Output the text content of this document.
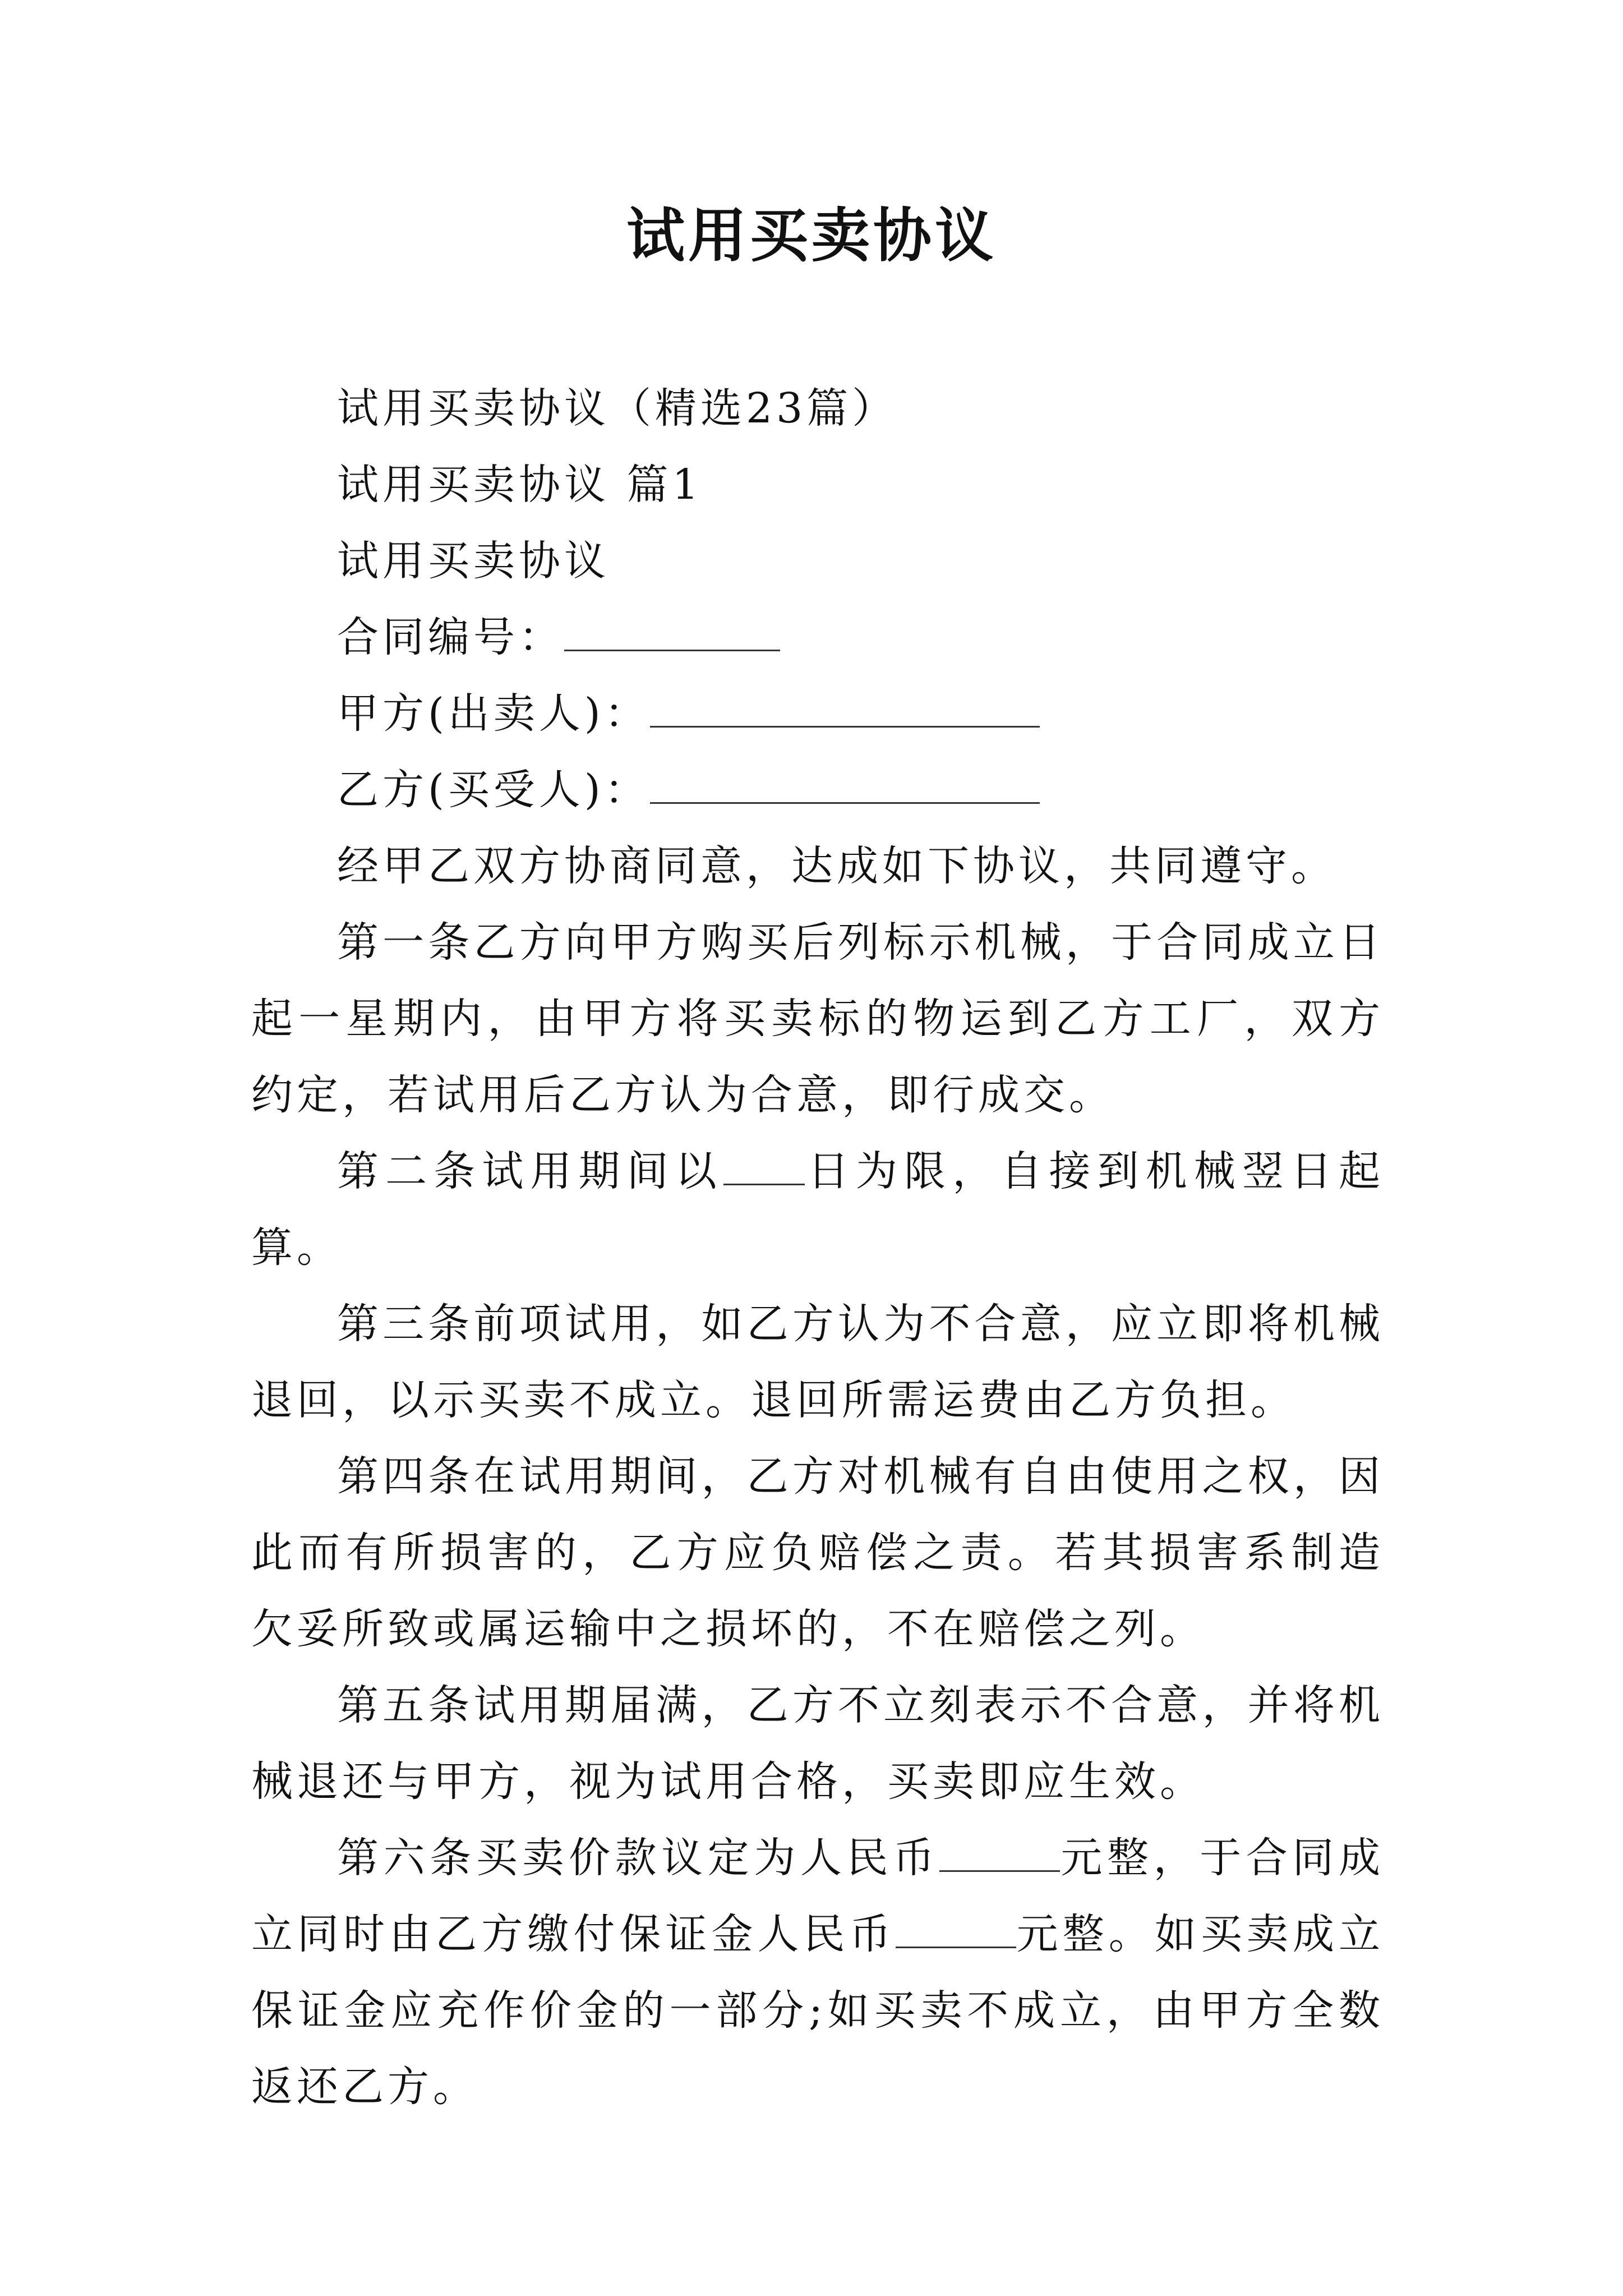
试用买卖协议

试用买卖协议（精选23篇）

试用买卖协议 篇1

试用买卖协议

合同编号：

甲方(出卖人)：

乙方(买受人)：

经甲乙双方协商同意，达成如下协议，共同遵守。

第一条乙方向甲方购买后列标示机械，于合同成立日起一星期内，由甲方将买卖标的物运到乙方工厂，双方约定，若试用后乙方认为合意，即行成交。

第二条试用期间以 日为限，自接到机械翌日起算。

第三条前项试用，如乙方认为不合意，应立即将机械退回，以示买卖不成立。退回所需运费由乙方负担。

第四条在试用期间，乙方对机械有自由使用之权，因此而有所损害的，乙方应负赔偿之责。若其损害系制造欠妥所致或属运输中之损坏的，不在赔偿之列。

第五条试用期届满，乙方不立刻表示不合意，并将机械退还与甲方，视为试用合格，买卖即应生效。

第六条买卖价款议定为人民币	元整，于合同成立同时由乙方缴付保证金人民币	元整。如买卖成立保证金应充作价金的一部分;如买卖不成立，由甲方全数返还乙方。
